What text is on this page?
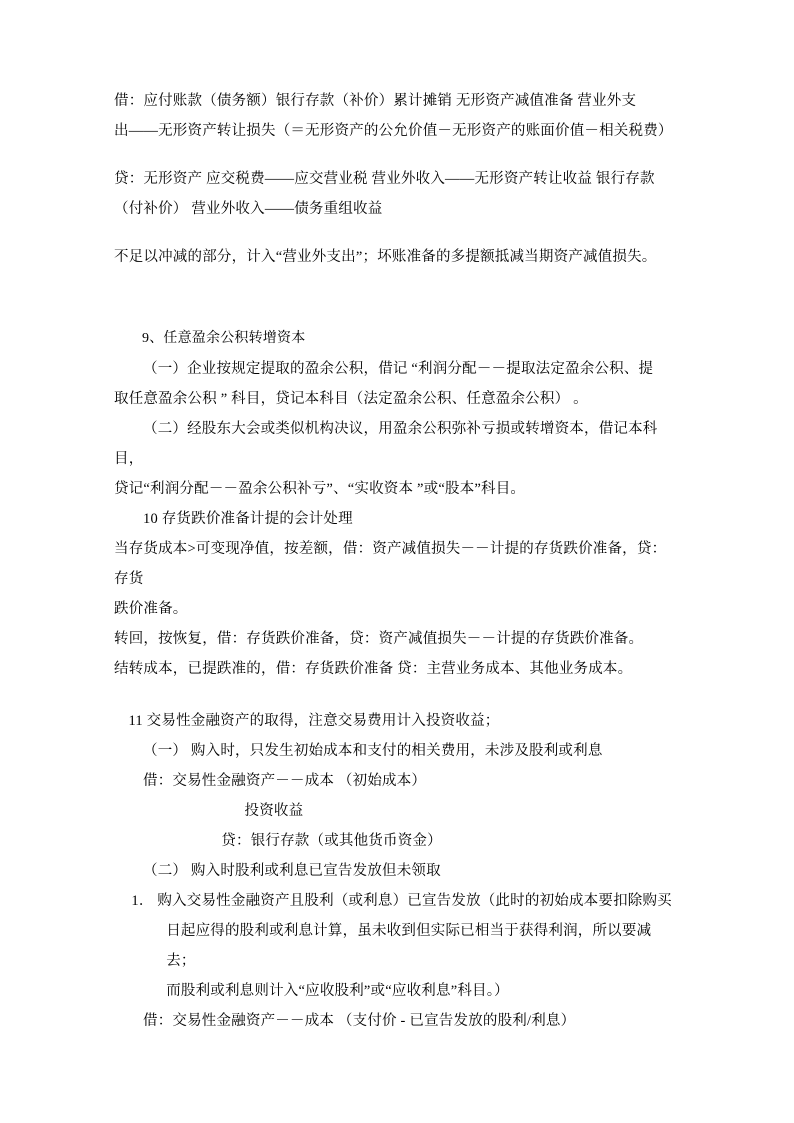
借：应付账款（债务额）银行存款（补价）累计摊销 无形资产减值准备 营业外支

出——无形资产转让损失（＝无形资产的公允价值－无形资产的账面价值－相关税费）

贷：无形资产 应交税费——应交营业税 营业外收入——无形资产转让收益 银行存款

（付补价） 营业外收入——债务重组收益

不足以冲减的部分，计入“营业外支出”；坏账准备的多提额抵减当期资产减值损失。

9、任意盈余公积转增资本

（一）企业按规定提取的盈余公积，借记 “利润分配－－提取法定盈余公积、提

取任意盈余公积 ” 科目，贷记本科目（法定盈余公积、任意盈余公积） 。

（二）经股东大会或类似机构决议，用盈余公积弥补亏损或转增资本，借记本科目，

贷记“利润分配－－盈余公积补亏”、“实收资本 ”或“股本”科目。

10 存货跌价准备计提的会计处理

当存货成本>可变现净值，按差额，借：资产减值损失－－计提的存货跌价准备，贷：存货

跌价准备。

转回，按恢复，借：存货跌价准备，贷：资产减值损失－－计提的存货跌价准备。

结转成本，已提跌准的，借：存货跌价准备 贷：主营业务成本、其他业务成本。

11 交易性金融资产的取得，注意交易费用计入投资收益；

（一） 购入时，只发生初始成本和支付的相关费用，未涉及股利或利息

借：交易性金融资产－－成本 （初始成本）

投资收益

贷：银行存款（或其他货币资金）

（二） 购入时股利或利息已宣告发放但未领取

1． 购入交易性金融资产且股利（或利息）已宣告发放（此时的初始成本要扣除购买

日起应得的股利或利息计算，虽未收到但实际已相当于获得利润，所以要减去；

而股利或利息则计入“应收股利”或“应收利息”科目。）

借：交易性金融资产－－成本 （支付价 - 已宣告发放的股利/利息）
